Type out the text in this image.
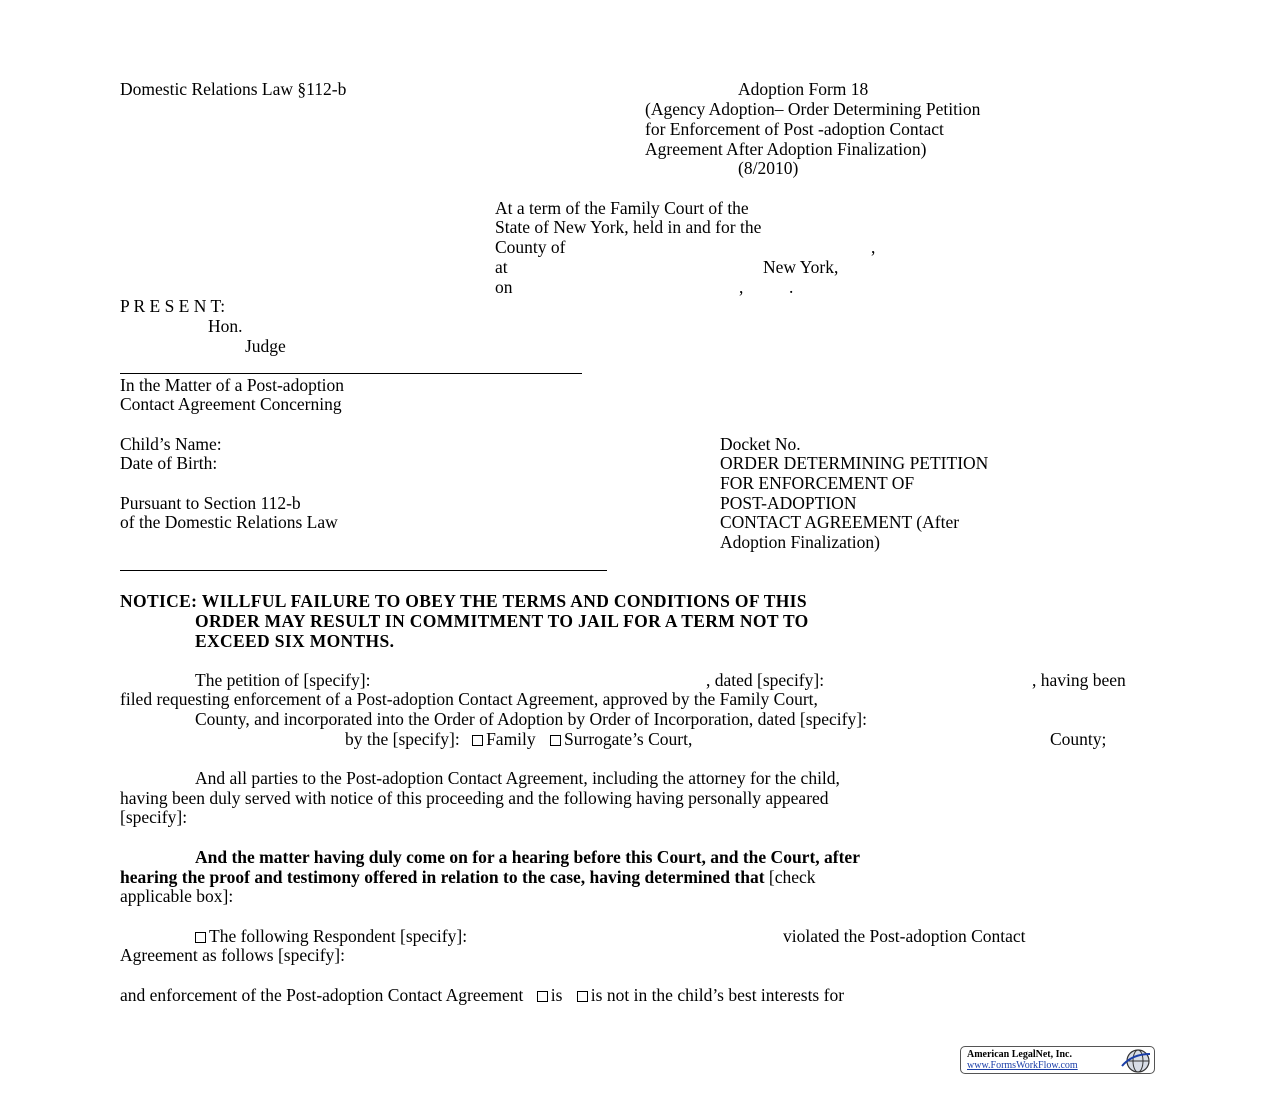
Domestic Relations Law §112-b	Adoption Form 18
(Agency Adoption– Order Determining Petition
for Enforcement of Post -adoption Contact
Agreement After Adoption Finalization)
(8/2010)
At a term of the Family Court of the
State of New York, held in and for the
County of	,
at	New York,
on	,	.
P R E S E N T:
Hon.
Judge
In the Matter of a Post-adoption
Contact Agreement Concerning
Child’s Name:
Date of Birth:
Pursuant to Section 112-b
of the Domestic Relations Law
Docket No.
ORDER DETERMINING PETITION
FOR ENFORCEMENT OF
POST-ADOPTION
CONTACT AGREEMENT (After
Adoption Finalization)
NOTICE: WILLFUL FAILURE TO OBEY THE TERMS AND CONDITIONS OF THIS
ORDER MAY RESULT IN COMMITMENT TO JAIL FOR A TERM NOT TO
EXCEED SIX MONTHS.
The petition of [specify]:	, dated [specify]:	, having been
filed requesting enforcement of a Post-adoption Contact Agreement, approved by the Family Court,
County, and incorporated into the Order of Adoption by Order of Incorporation, dated [specify]:
by the [specify]: Family Surrogate’s Court,	County;
And all parties to the Post-adoption Contact Agreement, including the attorney for the child,
having been duly served with notice of this proceeding and the following having personally appeared
[specify]:
And the matter having duly come on for a hearing before this Court, and the Court, after
hearing the proof and testimony offered in relation to the case, having determined that [check
applicable box]:
The following Respondent [specify]:	violated the Post-adoption Contact
Agreement as follows [specify]:
and enforcement of the Post-adoption Contact Agreement is is not in the child’s best interests for
American LegalNet, Inc.
www.FormsWorkFlow.com
